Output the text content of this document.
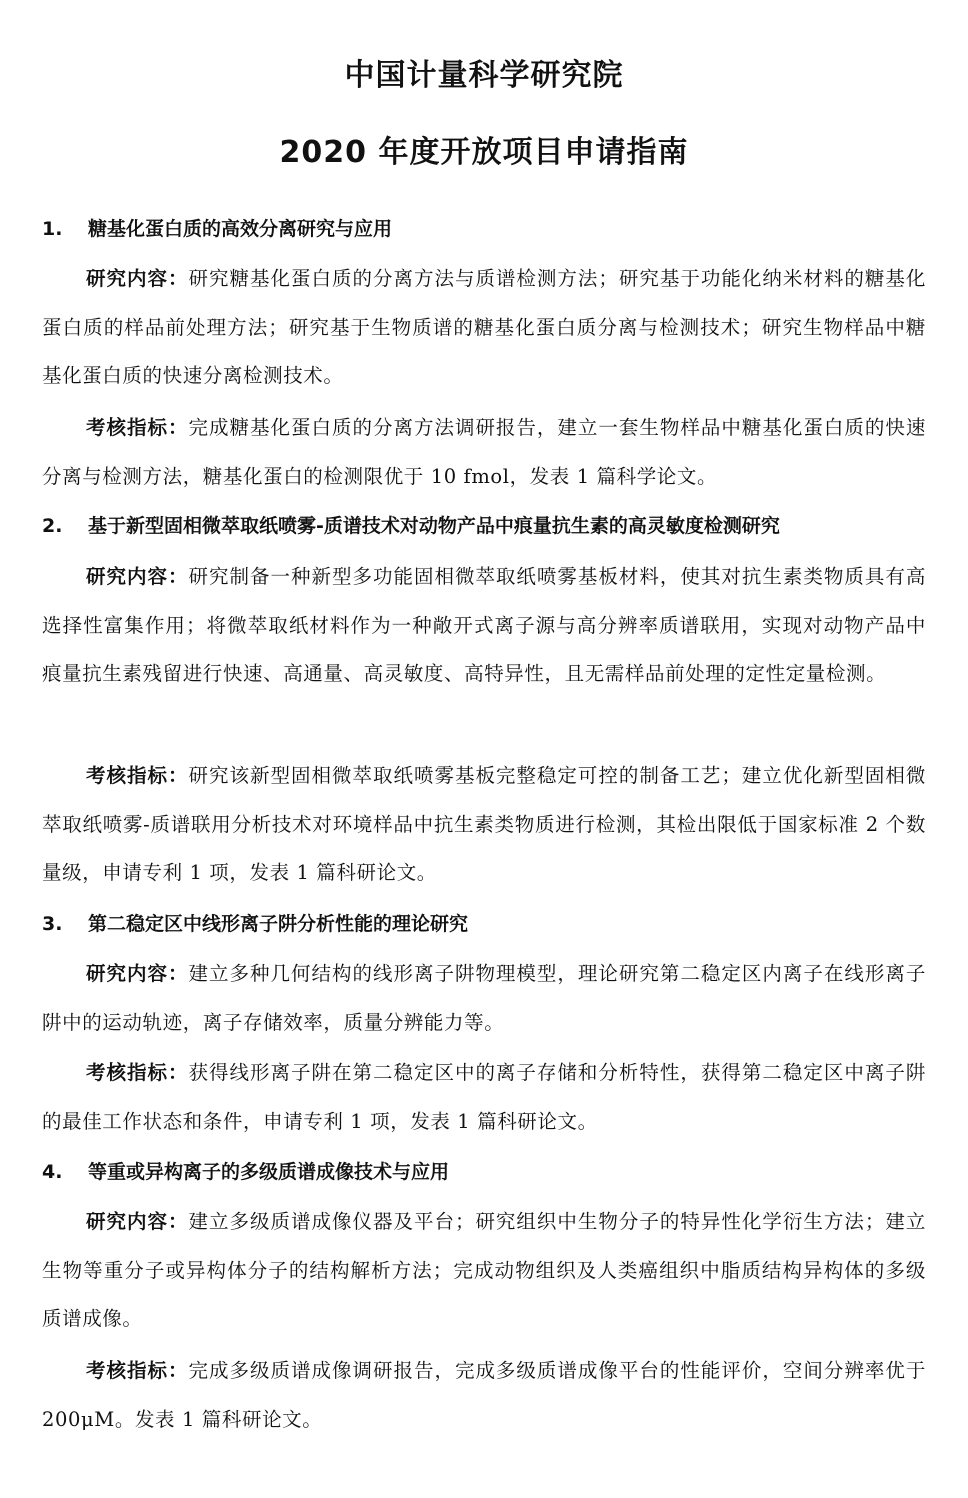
中国计量科学研究院
2020 年度开放项目申请指南
1. 糖基化蛋白质的高效分离研究与应用

研究内容：研究糖基化蛋白质的分离方法与质谱检测方法；研究基于功能化纳米材料的糖基化蛋白质的样品前处理方法；研究基于生物质谱的糖基化蛋白质分离与检测技术；研究生物样品中糖基化蛋白质的快速分离检测技术。

考核指标：完成糖基化蛋白质的分离方法调研报告，建立一套生物样品中糖基化蛋白质的快速分离与检测方法，糖基化蛋白的检测限优于 10 fmol，发表 1 篇科学论文。

2. 基于新型固相微萃取纸喷雾-质谱技术对动物产品中痕量抗生素的高灵敏度检测研究

研究内容：研究制备一种新型多功能固相微萃取纸喷雾基板材料，使其对抗生素类物质具有高选择性富集作用；将微萃取纸材料作为一种敞开式离子源与高分辨率质谱联用，实现对动物产品中痕量抗生素残留进行快速、高通量、高灵敏度、高特异性，且无需样品前处理的定性定量检测。

考核指标：研究该新型固相微萃取纸喷雾基板完整稳定可控的制备工艺；建立优化新型固相微萃取纸喷雾-质谱联用分析技术对环境样品中抗生素类物质进行检测，其检出限低于国家标准 2 个数量级，申请专利 1 项，发表 1 篇科研论文。

3. 第二稳定区中线形离子阱分析性能的理论研究

研究内容：建立多种几何结构的线形离子阱物理模型，理论研究第二稳定区内离子在线形离子阱中的运动轨迹，离子存储效率，质量分辨能力等。

考核指标：获得线形离子阱在第二稳定区中的离子存储和分析特性，获得第二稳定区中离子阱的最佳工作状态和条件，申请专利 1 项，发表 1 篇科研论文。

4. 等重或异构离子的多级质谱成像技术与应用

研究内容：建立多级质谱成像仪器及平台；研究组织中生物分子的特异性化学衍生方法；建立生物等重分子或异构体分子的结构解析方法；完成动物组织及人类癌组织中脂质结构异构体的多级质谱成像。

考核指标：完成多级质谱成像调研报告，完成多级质谱成像平台的性能评价，空间分辨率优于 200μM。发表 1 篇科研论文。
